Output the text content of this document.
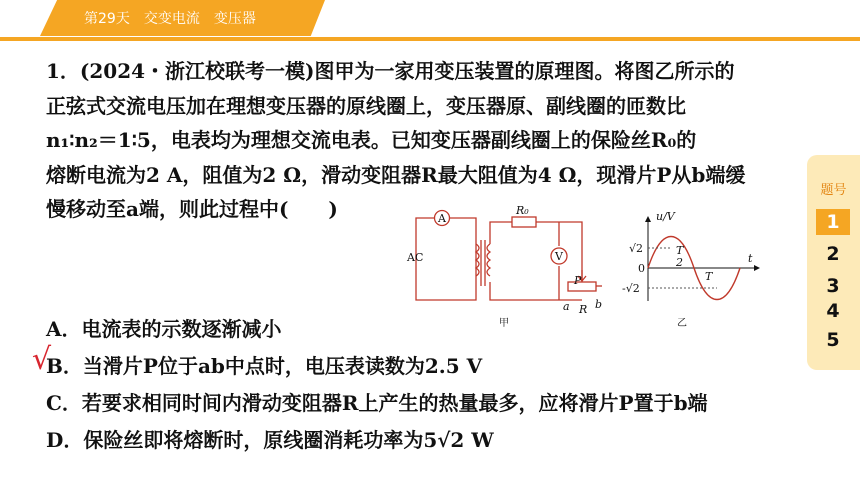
第29天　交变电流　变压器
1．(2024・浙江校联考一模)图甲为一家用变压装置的原理图。将图乙所示的
正弦式交流电压加在理想变压器的原线圈上，变压器原、副线圈的匝数比
n₁∶n₂＝1∶5，电表均为理想交流电表。已知变压器副线圈上的保险丝R₀的
熔断电流为2 A，阻值为2 Ω，滑动变阻器R最大阻值为4 Ω，现滑片P从b端缓
慢移动至a端，则此过程中(　　)	A
V
AC
R₀
P
a b
R
甲
u/V
t
√2
-√2
0
T
2
T
乙
A．电流表的示数逐渐减小
√
B．当滑片P位于ab中点时，电压表读数为2.5 V
C．若要求相同时间内滑动变阻器R上产生的热量最多，应将滑片P置于b端
D．保险丝即将熔断时，原线圈消耗功率为5√2 W
题号
1
2
3
4
5
